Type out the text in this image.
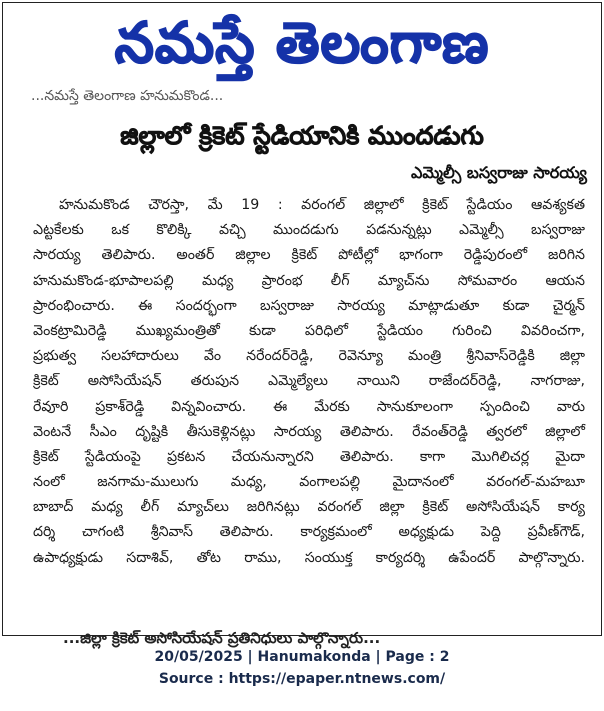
నమస్తే తెలంగాణ
...నమస్తే తెలంగాణ హనుమకొండ...
జిల్లాలో క్రికెట్ స్టేడియానికి ముందడుగు
ఎమ్మెల్సీ బస్వరాజు సారయ్య
హనుమకొండ చౌరస్తా, మే 19 : వరంగల్ జిల్లాలో క్రికెట్ స్టేడియం ఆవశ్యకత
ఎట్టకేలకు ఒక కొలిక్కి వచ్చి ముందడుగు పడనున్నట్లు ఎమ్మెల్సీ బస్వరాజు
సారయ్య తెలిపారు. అంతర్ జిల్లాల క్రికెట్ పోటీల్లో భాగంగా రెడ్డిపురంలో జరిగిన
హనుమకొండ-భూపాలపల్లి మధ్య ప్రారంభ లీగ్ మ్యాచ్‌ను సోమవారం ఆయన
ప్రారంభించారు. ఈ సందర్భంగా బస్వరాజు సారయ్య మాట్లాడుతూ కుడా చైర్మన్
వెంకట్రామిరెడ్డి ముఖ్యమంత్రితో కుడా పరిధిలో స్టేడియం గురించి వివరించగా,
ప్రభుత్వ సలహాదారులు వేం నరేందర్‌రెడ్డి, రెవెన్యూ మంత్రి శ్రీనివాస్‌రెడ్డికి జిల్లా
క్రికెట్ అసోసియేషన్ తరుపున ఎమ్మెల్యేలు నాయిని రాజేందర్‌రెడ్డి, నాగరాజు,
రేవూరి ప్రకాశ్‌రెడ్డి విన్నవించారు. ఈ మేరకు సానుకూలంగా స్పందించి వారు
వెంటనే సీఎం దృష్టికి తీసుకెళ్లినట్లు సారయ్య తెలిపారు. రేవంత్‌రెడ్డి త్వరలో జిల్లాలో
క్రికెట్ స్టేడియంపై ప్రకటన చేయనున్నారని తెలిపారు. కాగా మొగిలిచర్ల మైదా
నంలో జనగామ-ములుగు మధ్య, వంగాలపల్లి మైదానంలో వరంగల్-మహబూ
బాబాద్ మధ్య లీగ్ మ్యాచ్‌లు జరిగినట్లు వరంగల్ జిల్లా క్రికెట్ అసోసియేషన్ కార్య
దర్శి చాగంటి శ్రీనివాస్ తెలిపారు. కార్యక్రమంలో అధ్యక్షుడు పెద్ది ప్రవీణ్‌గౌడ్,
ఉపాధ్యక్షుడు సదాశివ్, తోట రాము, సంయుక్త కార్యదర్శి ఉపేందర్ పాల్గొన్నారు.
...జిల్లా క్రికెట్ అసోసియేషన్ ప్రతినిధులు పాల్గొన్నారు...
20/05/2025 | Hanumakonda | Page : 2
Source : https://epaper.ntnews.com/
